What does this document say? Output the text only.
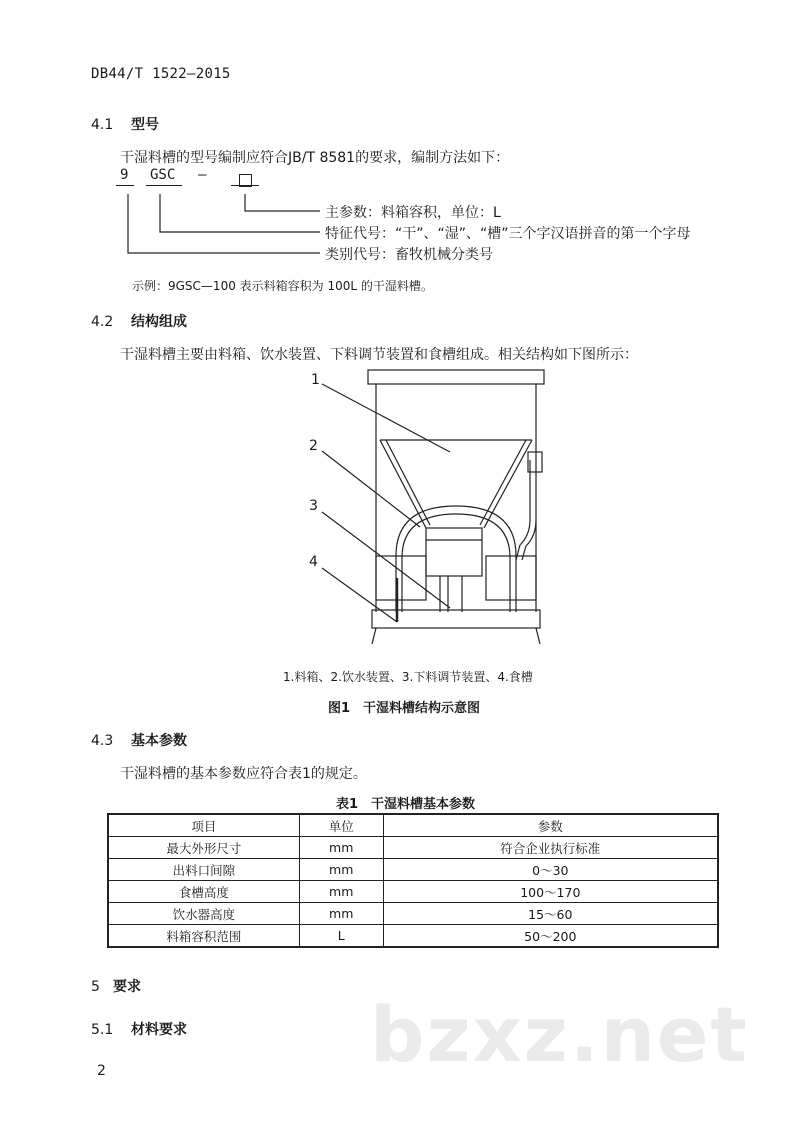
DB44/T 1522—2015
4.1 型号
干湿料槽的型号编制应符合JB/T 8581的要求，编制方法如下：
9 GSC —
主参数：料箱容积，单位：L
特征代号：“干”、“湿”、“槽”三个字汉语拼音的第一个字母
类别代号：畜牧机械分类号
示例：9GSC—100 表示料箱容积为 100L 的干湿料槽。
4.2 结构组成
干湿料槽主要由料箱、饮水装置、下料调节装置和食槽组成。相关结构如下图所示：
1
2
3
4
1.料箱、2.饮水装置、3.下料调节装置、4.食槽
图1　干湿料槽结构示意图
4.3 基本参数
干湿料槽的基本参数应符合表1的规定。
表1　干湿料槽基本参数
项目	单位	参数
最大外形尺寸	mm	符合企业执行标准
出料口间隙	mm	0～30
食槽高度	mm	100～170
饮水器高度	mm	15～60
料箱容积范围	L	50～200
5 要求
5.1 材料要求 bzxz.net
2
